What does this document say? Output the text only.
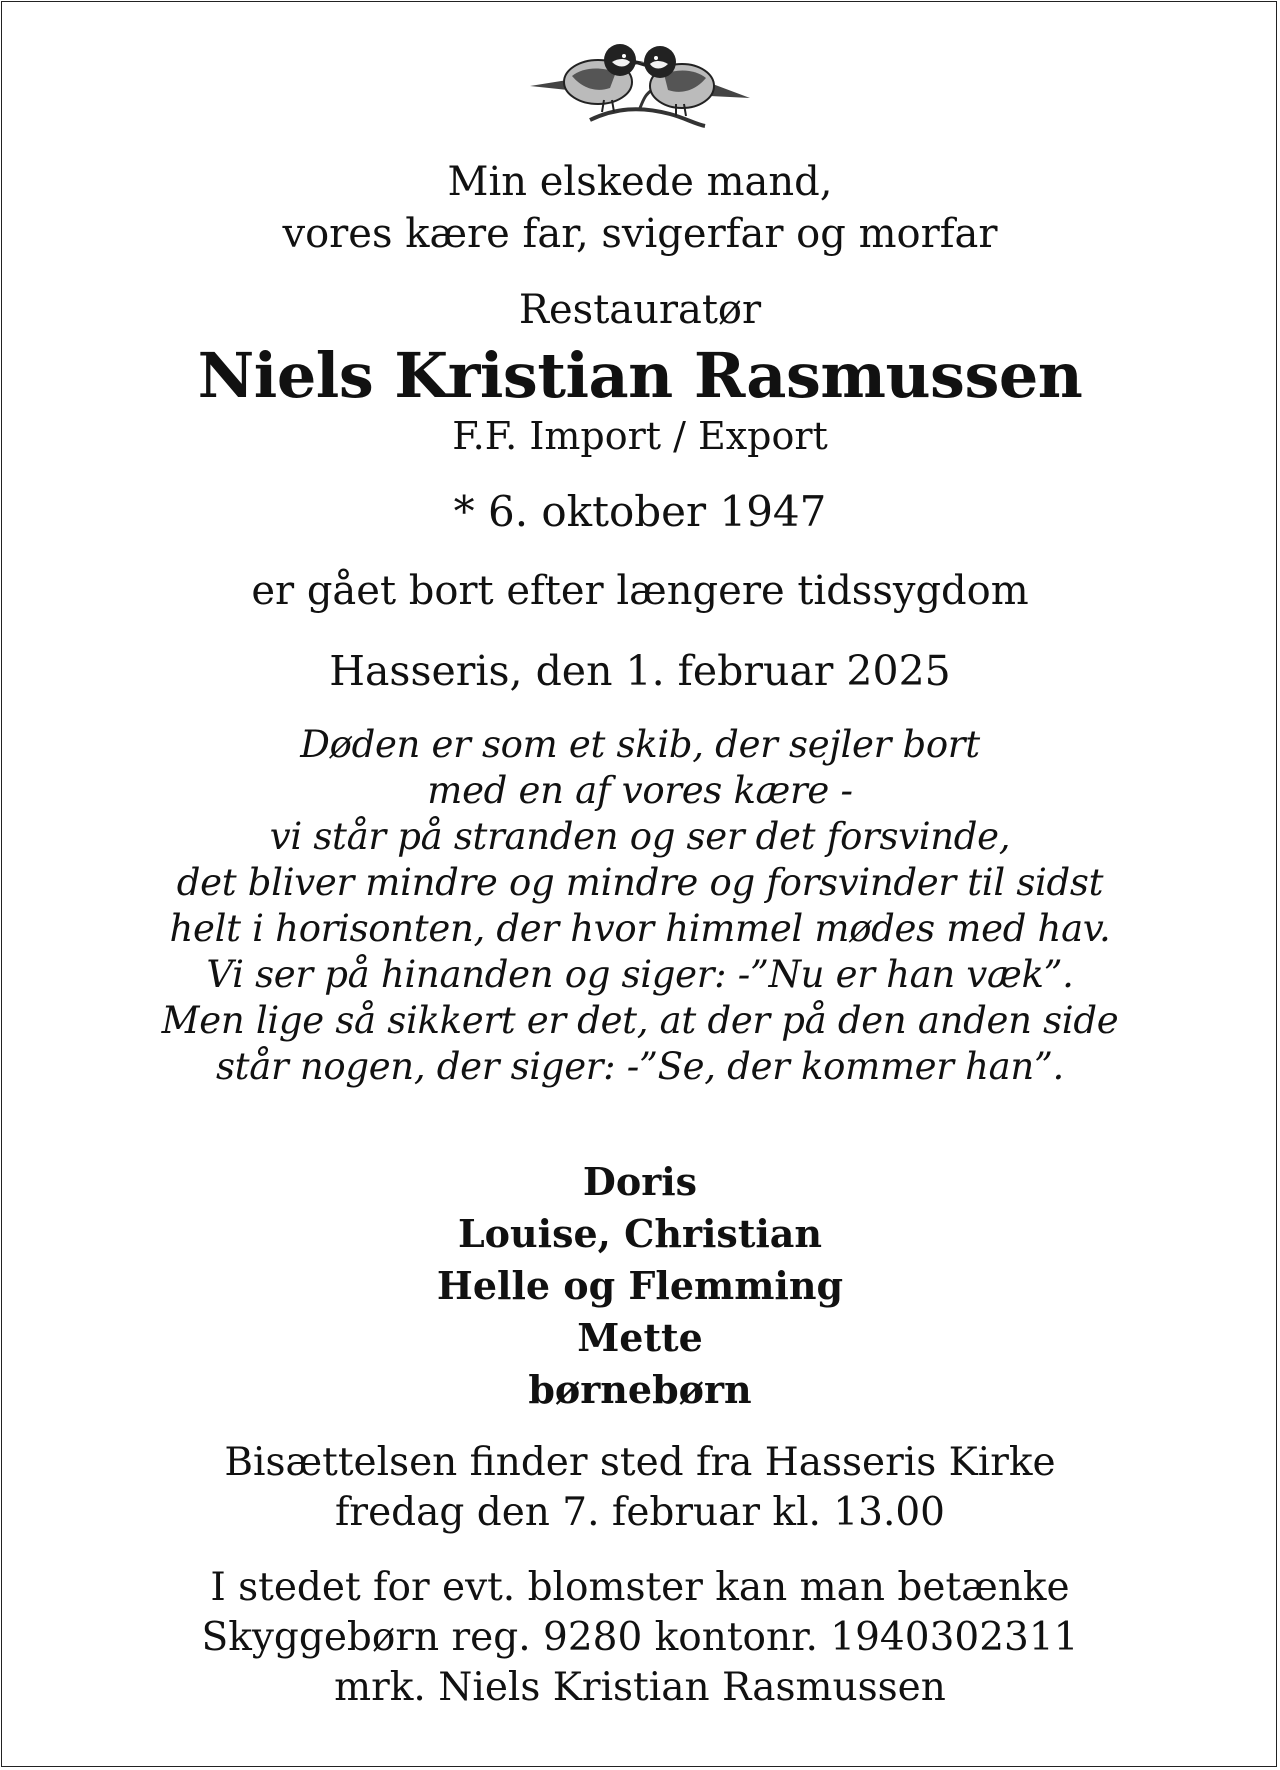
Min elskede mand,
vores kære far, svigerfar og morfar
Restauratør
Niels Kristian Rasmussen
F.F. Import / Export
* 6. oktober 1947
er gået bort efter længere tidssygdom
Hasseris, den 1. februar 2025
Døden er som et skib, der sejler bort
med en af vores kære -
vi står på stranden og ser det forsvinde,
det bliver mindre og mindre og forsvinder til sidst
helt i horisonten, der hvor himmel mødes med hav.
Vi ser på hinanden og siger: -”Nu er han væk”.
Men lige så sikkert er det, at der på den anden side
står nogen, der siger: -”Se, der kommer han”.
Doris
Louise, Christian
Helle og Flemming
Mette
børnebørn
Bisættelsen finder sted fra Hasseris Kirke
fredag den 7. februar kl. 13.00
I stedet for evt. blomster kan man betænke
Skyggebørn reg. 9280 kontonr. 1940302311
mrk. Niels Kristian Rasmussen
